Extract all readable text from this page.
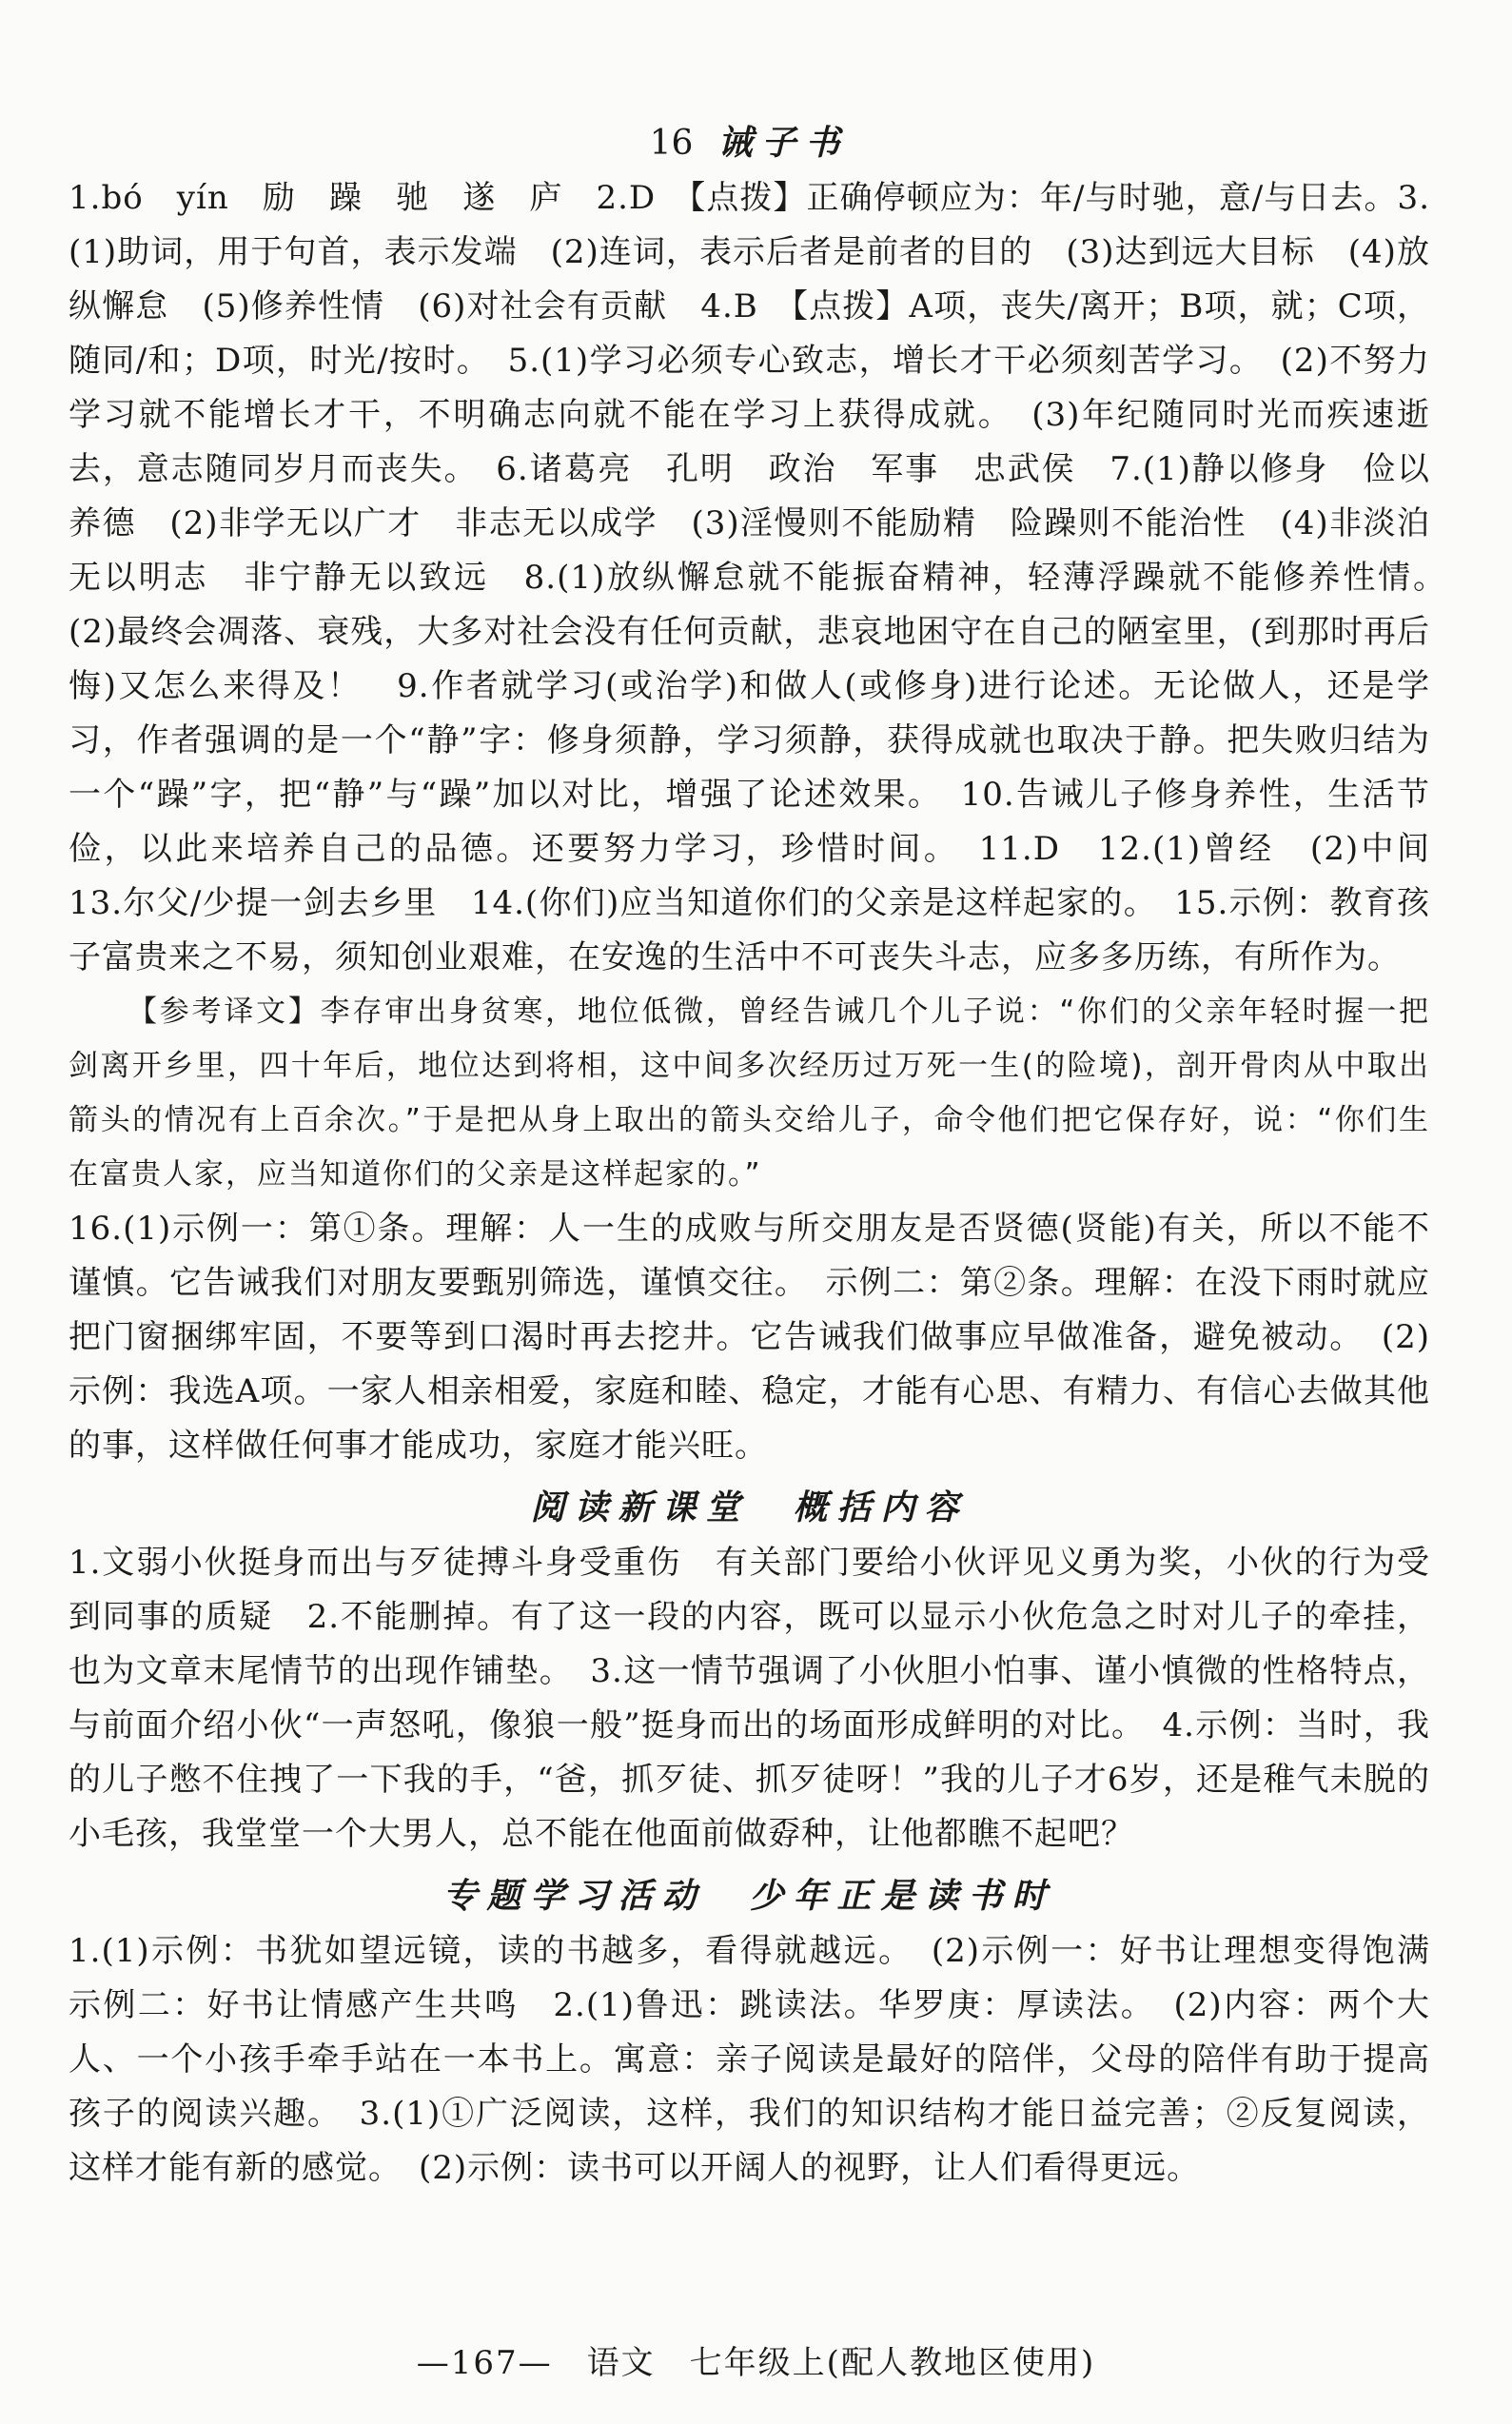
16 诫子书

1.bó　yín　励　躁　驰　遂　庐　2.D　【点拨】正确停顿应为：年/与时驰，意/与日去。3.(1)助词，用于句首，表示发端　(2)连词，表示后者是前者的目的　(3)达到远大目标　(4)放纵懈怠　(5)修养性情　(6)对社会有贡献　4.B　【点拨】A项，丧失/离开；B项，就；C项，随同/和；D项，时光/按时。　5.(1)学习必须专心致志，增长才干必须刻苦学习。　(2)不努力学习就不能增长才干，不明确志向就不能在学习上获得成就。　(3)年纪随同时光而疾速逝去，意志随同岁月而丧失。　6.诸葛亮　孔明　政治　军事　忠武侯　7.(1)静以修身　俭以养德　(2)非学无以广才　非志无以成学　(3)淫慢则不能励精　险躁则不能治性　(4)非淡泊无以明志　非宁静无以致远　8.(1)放纵懈怠就不能振奋精神，轻薄浮躁就不能修养性情。　(2)最终会凋落、衰残，大多对社会没有任何贡献，悲哀地困守在自己的陋室里，(到那时再后悔)又怎么来得及！　9.作者就学习(或治学)和做人(或修身)进行论述。无论做人，还是学习，作者强调的是一个“静”字：修身须静，学习须静，获得成就也取决于静。把失败归结为一个“躁”字，把“静”与“躁”加以对比，增强了论述效果。　10.告诫儿子修身养性，生活节俭，以此来培养自己的品德。还要努力学习，珍惜时间。　11.D　12.(1)曾经　(2)中间　13.尔父/少提一剑去乡里　14.(你们)应当知道你们的父亲是这样起家的。　15.示例：教育孩子富贵来之不易，须知创业艰难，在安逸的生活中不可丧失斗志，应多多历练，有所作为。

【参考译文】李存审出身贫寒，地位低微，曾经告诫几个儿子说：“你们的父亲年轻时握一把剑离开乡里，四十年后，地位达到将相，这中间多次经历过万死一生(的险境)，剖开骨肉从中取出箭头的情况有上百余次。”于是把从身上取出的箭头交给儿子，命令他们把它保存好，说：“你们生在富贵人家，应当知道你们的父亲是这样起家的。”

16.(1)示例一：第①条。理解：人一生的成败与所交朋友是否贤德(贤能)有关，所以不能不谨慎。它告诫我们对朋友要甄别筛选，谨慎交往。　示例二：第②条。理解：在没下雨时就应把门窗捆绑牢固，不要等到口渴时再去挖井。它告诫我们做事应早做准备，避免被动。　(2)示例：我选A项。一家人相亲相爱，家庭和睦、稳定，才能有心思、有精力、有信心去做其他的事，这样做任何事才能成功，家庭才能兴旺。

阅读新课堂　概括内容

1.文弱小伙挺身而出与歹徒搏斗身受重伤　有关部门要给小伙评见义勇为奖，小伙的行为受到同事的质疑　2.不能删掉。有了这一段的内容，既可以显示小伙危急之时对儿子的牵挂，也为文章末尾情节的出现作铺垫。　3.这一情节强调了小伙胆小怕事、谨小慎微的性格特点，与前面介绍小伙“一声怒吼，像狼一般”挺身而出的场面形成鲜明的对比。　4.示例：当时，我的儿子憋不住拽了一下我的手，“爸，抓歹徒、抓歹徒呀！”我的儿子才6岁，还是稚气未脱的小毛孩，我堂堂一个大男人，总不能在他面前做孬种，让他都瞧不起吧？

专题学习活动　少年正是读书时

1.(1)示例：书犹如望远镜，读的书越多，看得就越远。　(2)示例一：好书让理想变得饱满　示例二：好书让情感产生共鸣　2.(1)鲁迅：跳读法。华罗庚：厚读法。　(2)内容：两个大人、一个小孩手牵手站在一本书上。寓意：亲子阅读是最好的陪伴，父母的陪伴有助于提高孩子的阅读兴趣。　3.(1)①广泛阅读，这样，我们的知识结构才能日益完善；②反复阅读，这样才能有新的感觉。　(2)示例：读书可以开阔人的视野，让人们看得更远。

—167—　语文　七年级上(配人教地区使用)
